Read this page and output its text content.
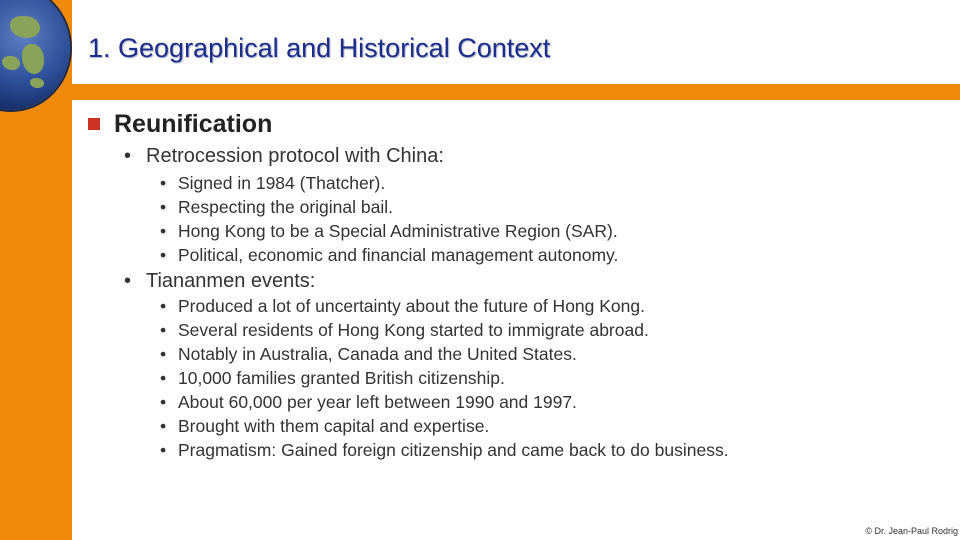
1. Geographical and Historical Context
Reunification
• Retrocession protocol with China:
• Signed in 1984 (Thatcher).
• Respecting the original bail.
• Hong Kong to be a Special Administrative Region (SAR).
• Political, economic and financial management autonomy.
• Tiananmen events:
• Produced a lot of uncertainty about the future of Hong Kong.
• Several residents of Hong Kong started to immigrate abroad.
• Notably in Australia, Canada and the United States.
• 10,000 families granted British citizenship.
• About 60,000 per year left between 1990 and 1997.
• Brought with them capital and expertise.
• Pragmatism: Gained foreign citizenship and came back to do business.
© Dr. Jean-Paul Rodrig
